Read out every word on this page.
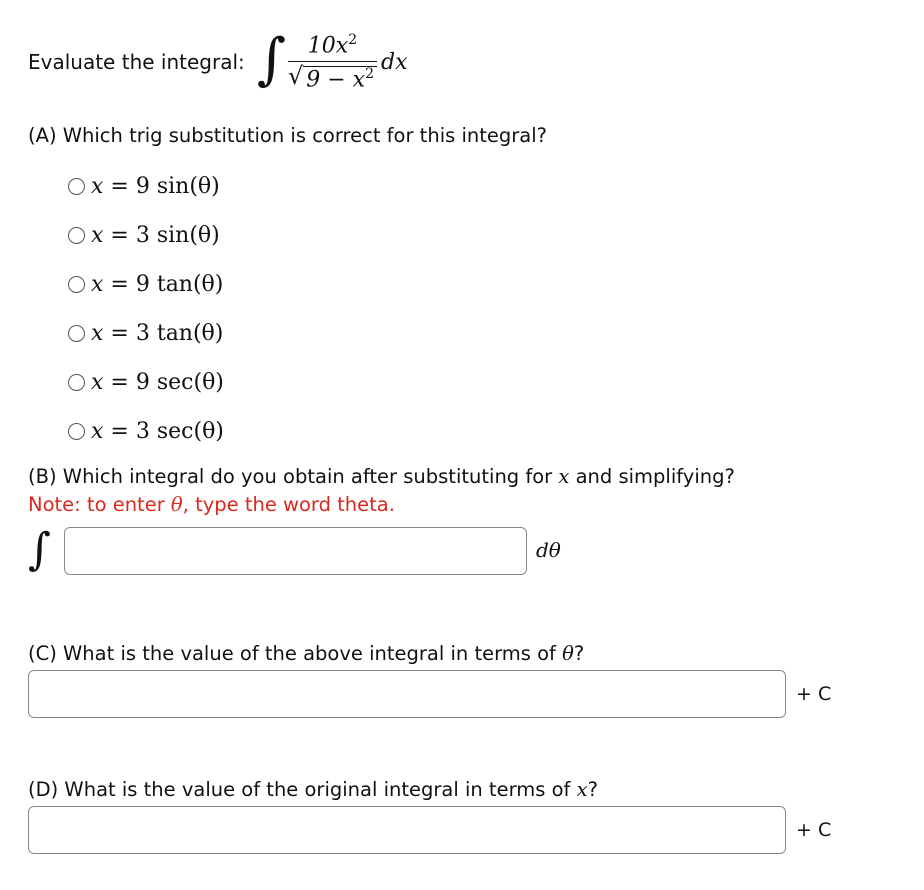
Evaluate the integral: ∫ $\frac{10x^2}{√ 9 - x^2}$ dx
(A) Which trig substitution is correct for this integral?
x = 9 sin(θ)
x = 3 sin(θ)
x = 9 tan(θ)
x = 3 tan(θ)
x = 9 sec(θ)
x = 3 sec(θ)
(B) Which integral do you obtain after substituting for x and simplifying?
Note: to enter θ, type the word theta.
∫	dθ
(C) What is the value of the above integral in terms of θ?
+ C
(D) What is the value of the original integral in terms of x?
+ C
